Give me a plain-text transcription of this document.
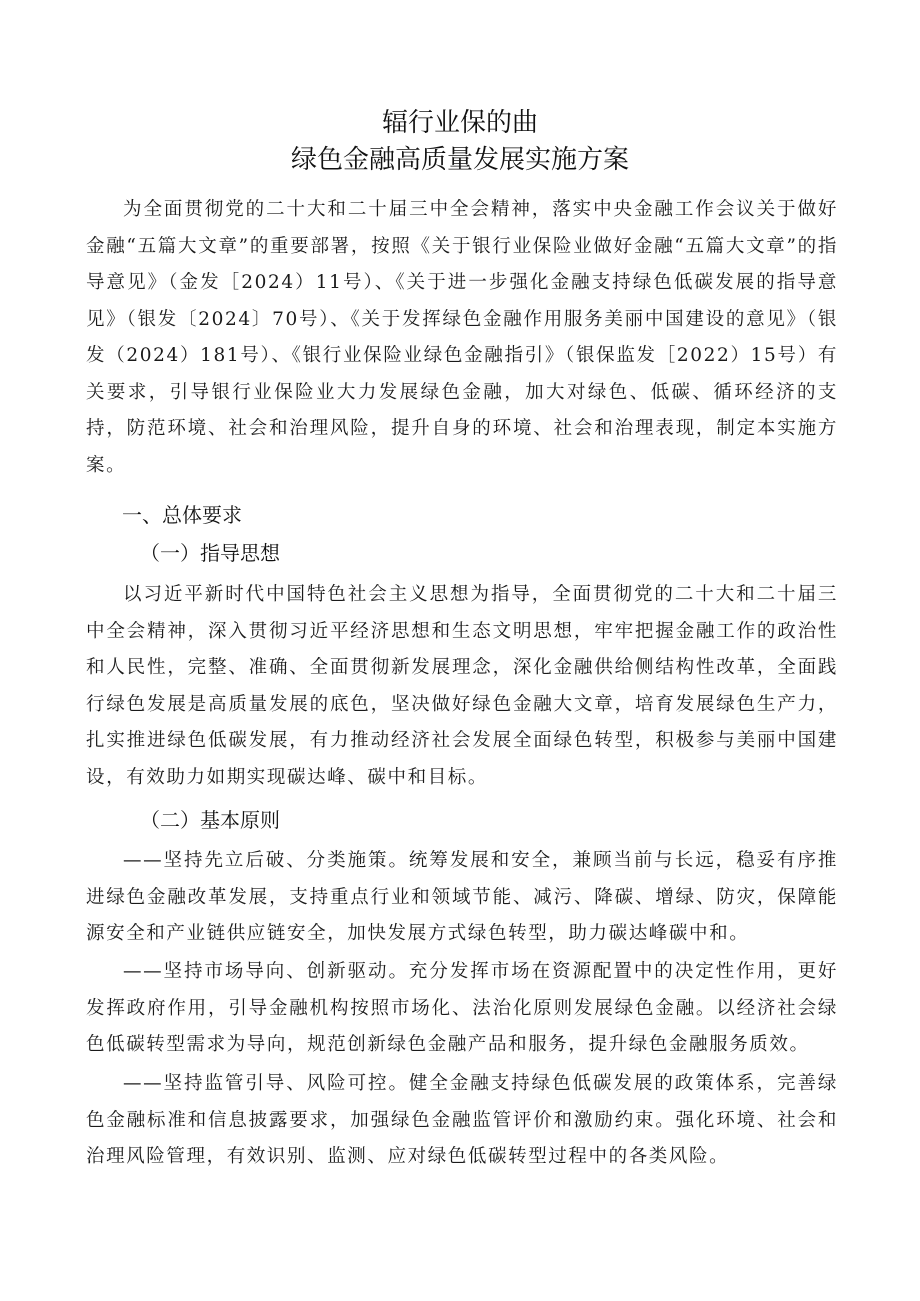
辐行业保的曲
绿色金融高质量发展实施方案

为全面贯彻党的二十大和二十届三中全会精神，落实中央金融工作会议关于做好金融“五篇大文章”的重要部署，按照《关于银行业保险业做好金融“五篇大文章”的指导意见》（金发［2024）11号）、《关于进一步强化金融支持绿色低碳发展的指导意见》（银发〔2024〕70号）、《关于发挥绿色金融作用服务美丽中国建设的意见》（银发（2024）181号）、《银行业保险业绿色金融指引》（银保监发［2022）15号）有关要求，引导银行业保险业大力发展绿色金融，加大对绿色、低碳、循环经济的支持，防范环境、社会和治理风险，提升自身的环境、社会和治理表现，制定本实施方案。

一、总体要求
（一）指导思想

以习近平新时代中国特色社会主义思想为指导，全面贯彻党的二十大和二十届三中全会精神，深入贯彻习近平经济思想和生态文明思想，牢牢把握金融工作的政治性和人民性，完整、准确、全面贯彻新发展理念，深化金融供给侧结构性改革，全面践行绿色发展是高质量发展的底色，坚决做好绿色金融大文章，培育发展绿色生产力，扎实推进绿色低碳发展，有力推动经济社会发展全面绿色转型，积极参与美丽中国建设，有效助力如期实现碳达峰、碳中和目标。

（二）基本原则

——坚持先立后破、分类施策。统筹发展和安全，兼顾当前与长远，稳妥有序推进绿色金融改革发展，支持重点行业和领域节能、减污、降碳、增绿、防灾，保障能源安全和产业链供应链安全，加快发展方式绿色转型，助力碳达峰碳中和。

——坚持市场导向、创新驱动。充分发挥市场在资源配置中的决定性作用，更好发挥政府作用，引导金融机构按照市场化、法治化原则发展绿色金融。以经济社会绿色低碳转型需求为导向，规范创新绿色金融产品和服务，提升绿色金融服务质效。

——坚持监管引导、风险可控。健全金融支持绿色低碳发展的政策体系，完善绿色金融标准和信息披露要求，加强绿色金融监管评价和激励约束。强化环境、社会和治理风险管理，有效识别、监测、应对绿色低碳转型过程中的各类风险。
